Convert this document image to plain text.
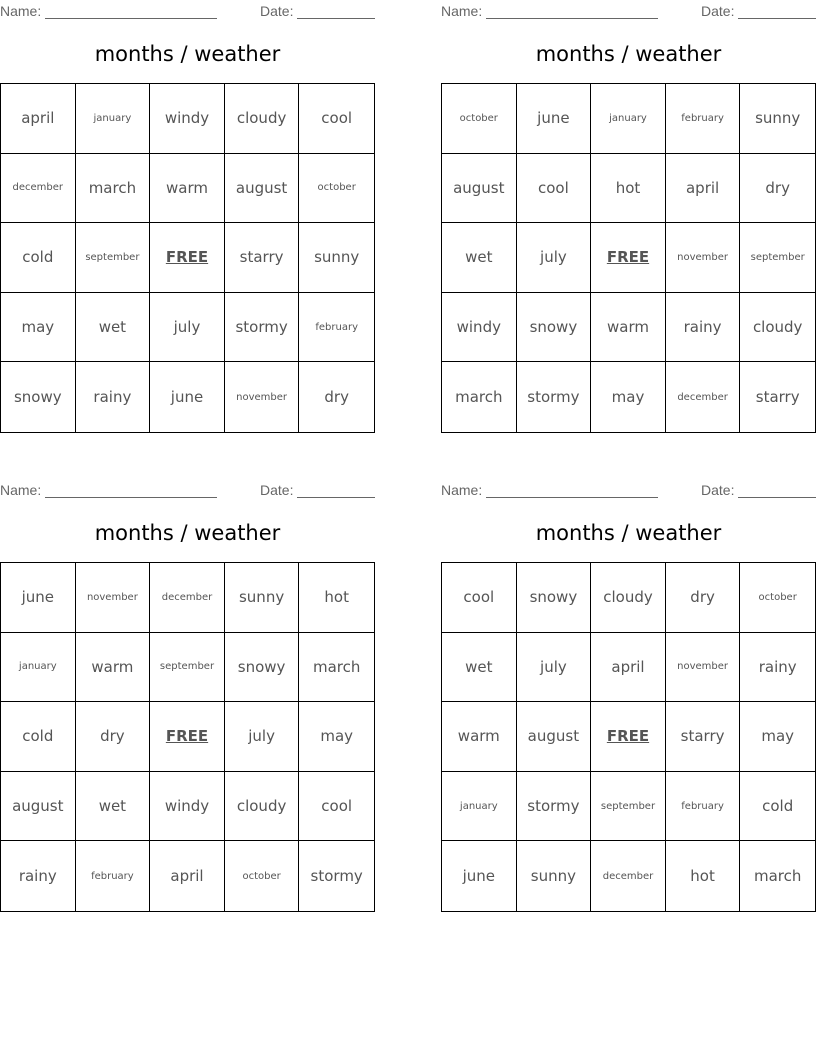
Name:	Date:
months / weather
april	january	windy	cloudy	cool
december	march	warm	august	october
cold	september	FREE	starry	sunny
may	wet	july	stormy	february
snowy	rainy	june	november	dry
Name:	Date:
months / weather
october	june	january	february	sunny
august	cool	hot	april	dry
wet	july	FREE	november	september
windy	snowy	warm	rainy	cloudy
march	stormy	may	december	starry
Name:	Date:
months / weather
june	november	december	sunny	hot
january	warm	september	snowy	march
cold	dry	FREE	july	may
august	wet	windy	cloudy	cool
rainy	february	april	october	stormy
Name:	Date:
months / weather
cool	snowy	cloudy	dry	october
wet	july	april	november	rainy
warm	august	FREE	starry	may
january	stormy	september	february	cold
june	sunny	december	hot	march
